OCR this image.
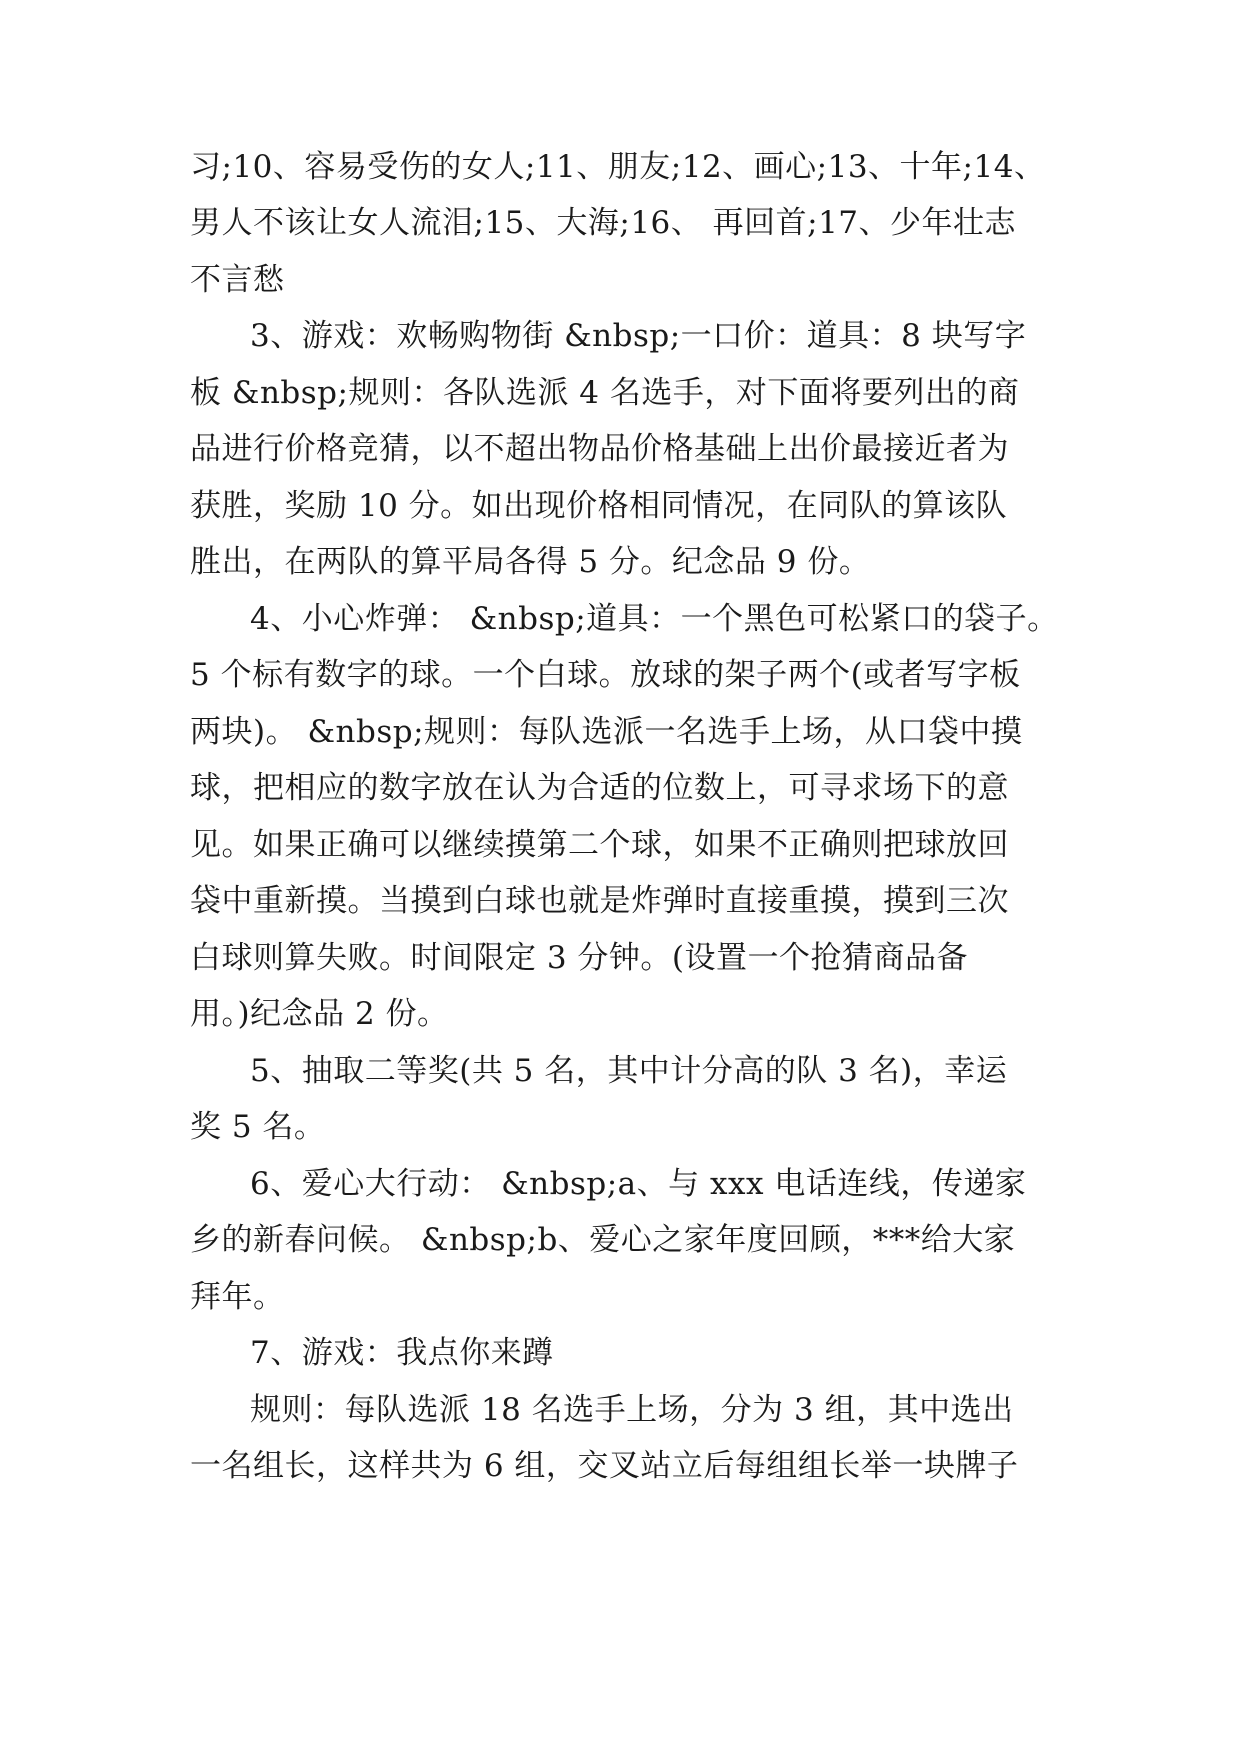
习;10、容易受伤的女人;11、朋友;12、画心;13、十年;14、
男人不该让女人流泪;15、大海;16、 再回首;17、少年壮志
不言愁
3、游戏：欢畅购物街 &nbsp;一口价：道具：8 块写字
板 &nbsp;规则：各队选派 4 名选手，对下面将要列出的商
品进行价格竞猜，以不超出物品价格基础上出价最接近者为
获胜，奖励 10 分。如出现价格相同情况，在同队的算该队
胜出，在两队的算平局各得 5 分。纪念品 9 份。
4、小心炸弹： &nbsp;道具：一个黑色可松紧口的袋子。
5 个标有数字的球。一个白球。放球的架子两个(或者写字板
两块)。 &nbsp;规则：每队选派一名选手上场，从口袋中摸
球，把相应的数字放在认为合适的位数上，可寻求场下的意
见。如果正确可以继续摸第二个球，如果不正确则把球放回
袋中重新摸。当摸到白球也就是炸弹时直接重摸，摸到三次
白球则算失败。时间限定 3 分钟。(设置一个抢猜商品备
用。)纪念品 2 份。
5、抽取二等奖(共 5 名，其中计分高的队 3 名)，幸运
奖 5 名。
6、爱心大行动： &nbsp;a、与 xxx 电话连线，传递家
乡的新春问候。 &nbsp;b、爱心之家年度回顾，***给大家
拜年。
7、游戏：我点你来蹲
规则：每队选派 18 名选手上场，分为 3 组，其中选出
一名组长，这样共为 6 组，交叉站立后每组组长举一块牌子
